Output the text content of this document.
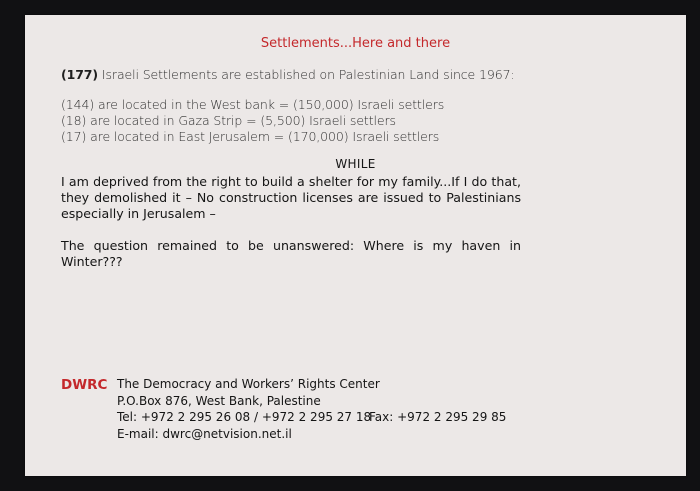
Settlements...Here and there
(177) Israeli Settlements are established on Palestinian Land since 1967:
(144) are located in the West bank = (150,000) Israeli settlers
(18) are located in Gaza Strip = (5,500) Israeli settlers
(17) are located in East Jerusalem = (170,000) Israeli settlers
WHILE
I am deprived from the right to build a shelter for my family...If I do that, they demolished it – No construction licenses are issued to Palestinians especially in Jerusalem –
The question remained to be unanswered: Where is my haven in Winter???
DWRC The Democracy and Workers’ Rights Center
P.O.Box 876, West Bank, Palestine
Tel: +972 2 295 26 08 / +972 2 295 27 18
Fax: +972 2 295 29 85
E-mail: dwrc@netvision.net.il
